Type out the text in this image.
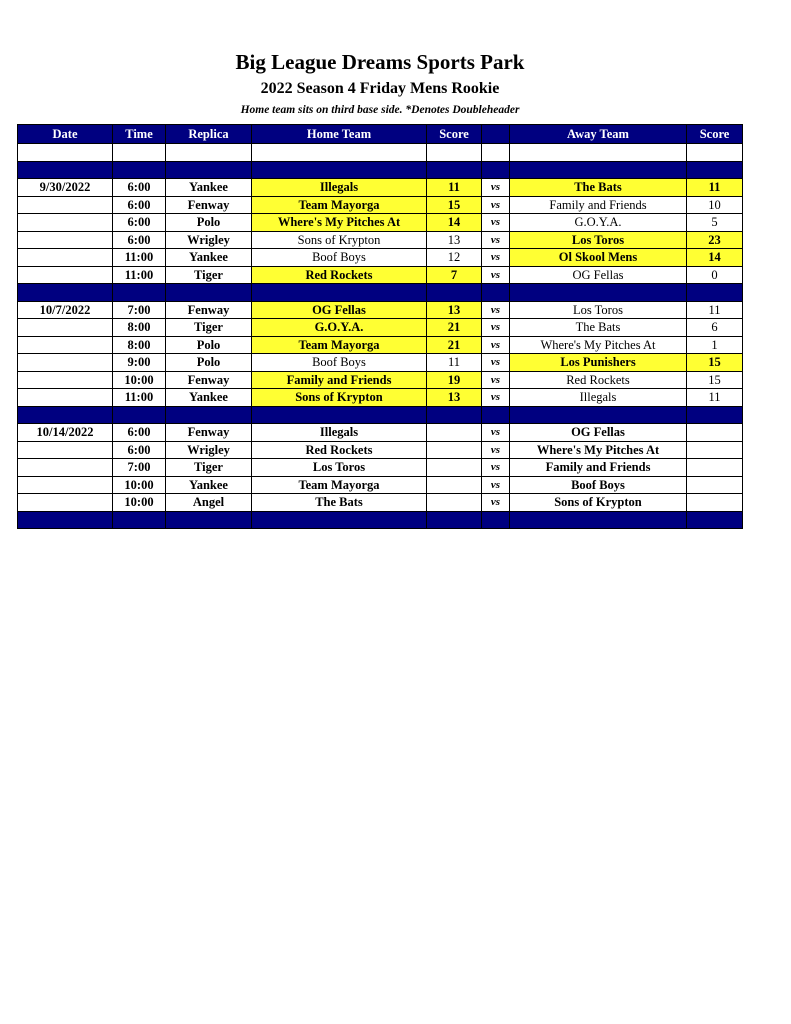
Big League Dreams Sports Park
2022 Season 4 Friday Mens Rookie
Home team sits on third base side. *Denotes Doubleheader
Date	Time	Replica	Home Team	Score		Away Team	Score

9/30/2022	6:00	Yankee	Illegals	11	vs	The Bats	11
	6:00	Fenway	Team Mayorga	15	vs	Family and Friends	10
	6:00	Polo	Where's My Pitches At	14	vs	G.O.Y.A.	5
	6:00	Wrigley	Sons of Krypton	13	vs	Los Toros	23
	11:00	Yankee	Boof Boys	12	vs	Ol Skool Mens	14
	11:00	Tiger	Red Rockets	7	vs	OG Fellas	0

10/7/2022	7:00	Fenway	OG Fellas	13	vs	Los Toros	11
	8:00	Tiger	G.O.Y.A.	21	vs	The Bats	6
	8:00	Polo	Team Mayorga	21	vs	Where's My Pitches At	1
	9:00	Polo	Boof Boys	11	vs	Los Punishers	15
	10:00	Fenway	Family and Friends	19	vs	Red Rockets	15
	11:00	Yankee	Sons of Krypton	13	vs	Illegals	11

10/14/2022	6:00	Fenway	Illegals		vs	OG Fellas	
	6:00	Wrigley	Red Rockets		vs	Where's My Pitches At	
	7:00	Tiger	Los Toros		vs	Family and Friends	
	10:00	Yankee	Team Mayorga		vs	Boof Boys	
	10:00	Angel	The Bats		vs	Sons of Krypton	
